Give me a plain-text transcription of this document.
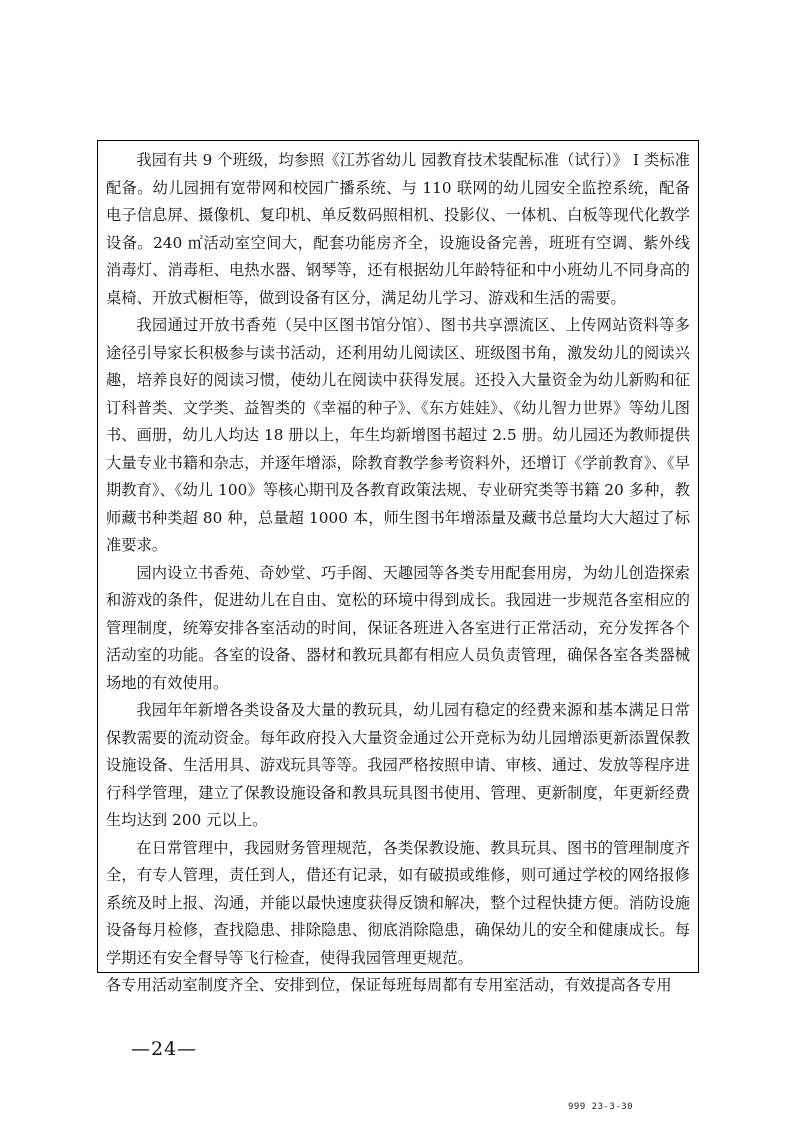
我园有共 9 个班级，均参照《江苏省幼儿 园教育技术装配标准（试行）》 I 类标准配备。幼儿园拥有宽带网和校园广播系统、与 110 联网的幼儿园安全监控系统，配备电子信息屏、摄像机、复印机、单反数码照相机、投影仪、一体机、白板等现代化教学设备。240 ㎡活动室空间大，配套功能房齐全，设施设备完善，班班有空调、紫外线消毒灯、消毒柜、电热水器、钢琴等，还有根据幼儿年龄特征和中小班幼儿不同身高的桌椅、开放式橱柜等，做到设备有区分，满足幼儿学习、游戏和生活的需要。

我园通过开放书香苑（吴中区图书馆分馆）、图书共享漂流区、上传网站资料等多途径引导家长积极参与读书活动，还利用幼儿阅读区、班级图书角，激发幼儿的阅读兴趣，培养良好的阅读习惯，使幼儿在阅读中获得发展。还投入大量资金为幼儿新购和征订科普类、文学类、益智类的《幸福的种子》、《东方娃娃》、《幼儿智力世界》等幼儿图书、画册，幼儿人均达 18 册以上，年生均新增图书超过 2.5 册。幼儿园还为教师提供大量专业书籍和杂志，并逐年增添，除教育教学参考资料外，还增订《学前教育》、《早期教育》、《幼儿 100》等核心期刊及各教育政策法规、专业研究类等书籍 20 多种，教师藏书种类超 80 种，总量超 1000 本，师生图书年增添量及藏书总量均大大超过了标准要求。

园内设立书香苑、奇妙堂、巧手阁、天趣园等各类专用配套用房，为幼儿创造探索和游戏的条件，促进幼儿在自由、宽松的环境中得到成长。我园进一步规范各室相应的管理制度，统筹安排各室活动的时间，保证各班进入各室进行正常活动，充分发挥各个活动室的功能。各室的设备、器材和教玩具都有相应人员负责管理，确保各室各类器械场地的有效使用。

我园年年新增各类设备及大量的教玩具，幼儿园有稳定的经费来源和基本满足日常保教需要的流动资金。每年政府投入大量资金通过公开竞标为幼儿园增添更新添置保教设施设备、生活用具、游戏玩具等等。我园严格按照申请、审核、通过、发放等程序进行科学管理，建立了保教设施设备和教具玩具图书使用、管理、更新制度，年更新经费生均达到 200 元以上。

在日常管理中，我园财务管理规范，各类保教设施、教具玩具、图书的管理制度齐全，有专人管理，责任到人，借还有记录，如有破损或维修，则可通过学校的网络报修系统及时上报、沟通，并能以最快速度获得反馈和解决，整个过程快捷方便。消防设施设备每月检修，查找隐患、排除隐患、彻底消除隐患，确保幼儿的安全和健康成长。每学期还有安全督导等飞行检查，使得我园管理更规范。

各专用活动室制度齐全、安排到位，保证每班每周都有专用室活动，有效提高各专用

—24—
999 23-3-30
